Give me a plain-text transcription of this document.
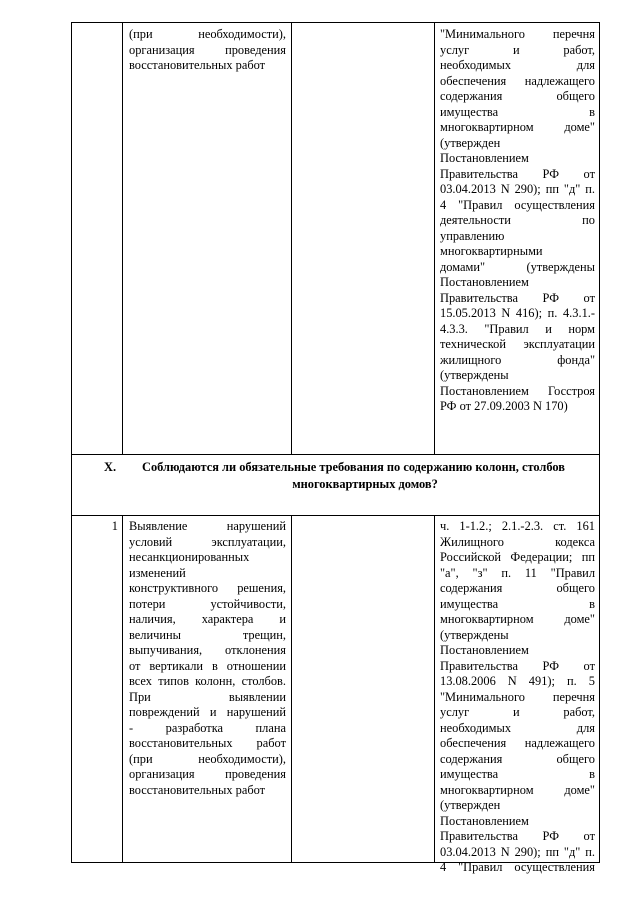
(при необходимости),
организация проведения
восстановительных работ
"Минимального перечня
услуг и работ,
необходимых для
обеспечения надлежащего
содержания общего
имущества в
многоквартирном доме"
(утвержден
Постановлением
Правительства РФ от
03.04.2013 N 290); пп "д" п.
4 "Правил осуществления
деятельности по
управлению
многоквартирными
домами" (утверждены
Постановлением
Правительства РФ от
15.05.2013 N 416); п. 4.3.1.-
4.3.3. "Правил и норм
технической эксплуатации
жилищного фонда"
(утверждены
Постановлением Госстроя
РФ от 27.09.2003 N 170)
X. Соблюдаются ли обязательные требования по содержанию колонн, столбов
многоквартирных домов?
1 Выявление нарушений
условий эксплуатации,
несанкционированных
изменений
конструктивного решения,
потери устойчивости,
наличия, характера и
величины трещин,
выпучивания, отклонения
от вертикали в отношении
всех типов колонн, столбов.
При выявлении
повреждений и нарушений
- разработка плана
восстановительных работ
(при необходимости),
организация проведения
восстановительных работ
ч. 1-1.2.; 2.1.-2.3. ст. 161
Жилищного кодекса
Российской Федерации; пп
"а", "з" п. 11 "Правил
содержания общего
имущества в
многоквартирном доме"
(утверждены
Постановлением
Правительства РФ от
13.08.2006 N 491); п. 5
"Минимального перечня
услуг и работ,
необходимых для
обеспечения надлежащего
содержания общего
имущества в
многоквартирном доме"
(утвержден
Постановлением
Правительства РФ от
03.04.2013 N 290); пп "д" п.
4 "Правил осуществления
